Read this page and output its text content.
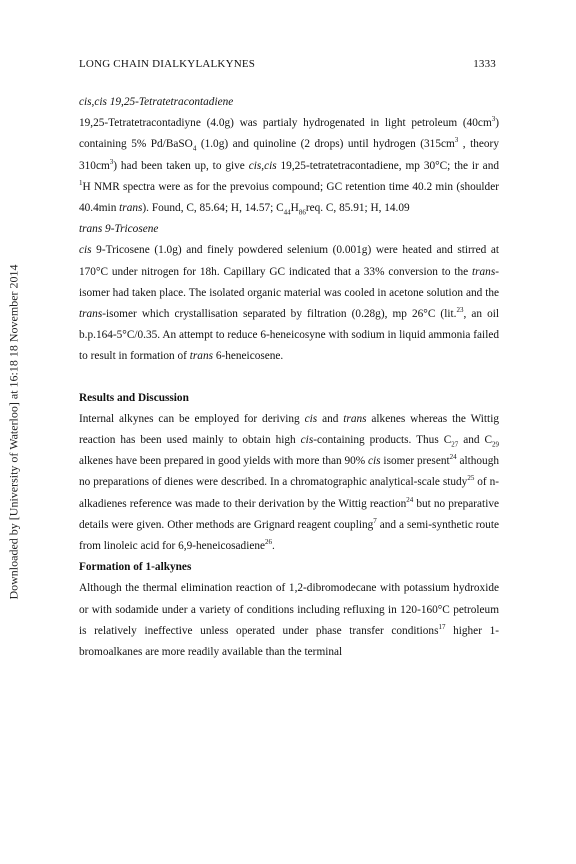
Downloaded by [University of Waterloo] at 16:18 18 November 2014
LONG CHAIN DIALKYLALKYNES	1333

cis,cis 19,25-Tetratetracontadiene

19,25-Tetratetracontadiyne (4.0g) was partialy hydrogenated in light petroleum $(40cm^3)$ containing 5% Pd/BaSO$_4$ (1.0g) and quinoline (2 drops) until hydrogen ($315cm^3$ , theory $310cm^3$) had been taken up, to give cis,cis 19,25-tetratetracontadiene, mp 30°C; the ir and $^1$H NMR spectra were as for the prevoius compound; GC retention time 40.2 min (shoulder 40.4min trans). Found, C, 85.64; H, 14.57; $C_{44}H_{86}req$. C, 85.91; H, 14.09

trans 9-Tricosene

cis 9-Tricosene (1.0g) and finely powdered selenium (0.001g) were heated and stirred at 170°C under nitrogen for 18h. Capillary GC indicated that a 33% conversion to the trans-isomer had taken place. The isolated organic material was cooled in acetone solution and the trans-isomer which crystallisation separated by filtration (0.28g), mp 26°C (lit.$^{23}$, an oil b.p.164-5°C/0.35. An attempt to reduce 6-heneicosyne with sodium in liquid ammonia failed to result in formation of trans 6-heneicosene.

Results and Discussion

Internal alkynes can be employed for deriving cis and trans alkenes whereas the Wittig reaction has been used mainly to obtain high cis-containing products. Thus $C_{27}$ and $C_{29}$ alkenes have been prepared in good yields with more than 90% cis isomer present$^{24}$ although no preparations of dienes were described. In a chromatographic analytical-scale study$^{25}$ of n-alkadienes reference was made to their derivation by the Wittig reaction$^{24}$ but no preparative details were given. Other methods are Grignard reagent coupling$^7$ and a semi-synthetic route from linoleic acid for 6,9-heneicosadiene$^{26}$.

Formation of 1-alkynes

Although the thermal elimination reaction of 1,2-dibromodecane with potassium hydroxide or with sodamide under a variety of conditions including refluxing in 120-160°C petroleum is relatively ineffective unless operated under phase transfer conditions$^{17}$ higher 1-bromoalkanes are more readily available than the terminal
